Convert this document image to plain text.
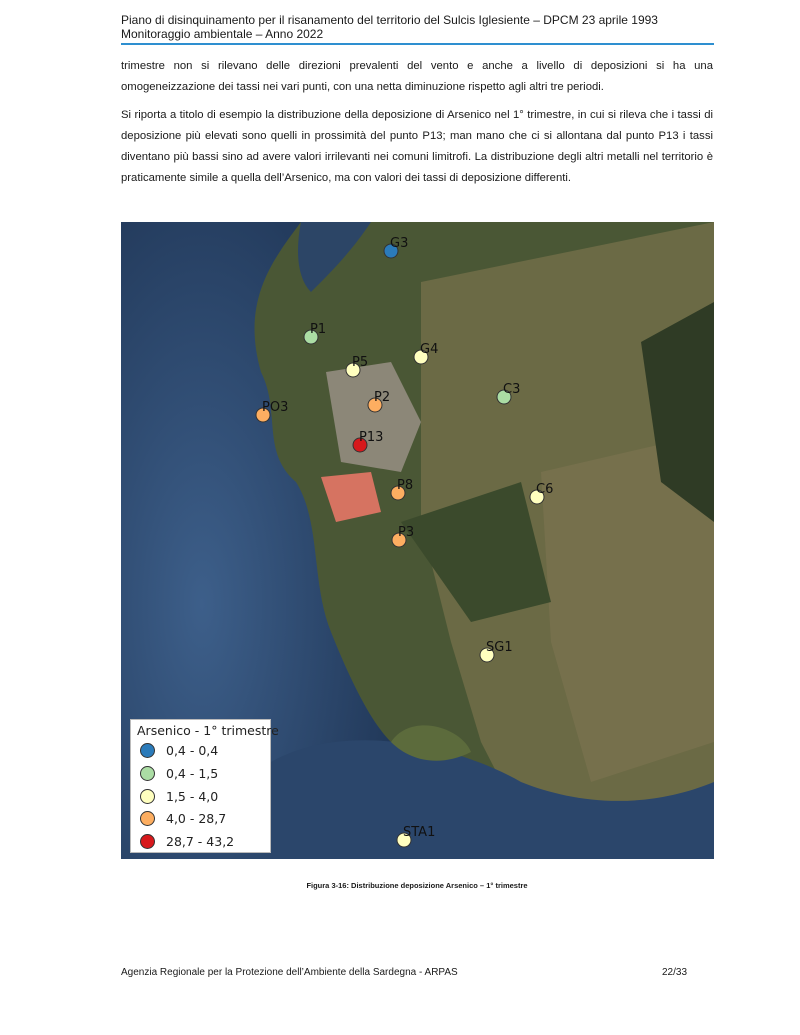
Piano di disinquinamento per il risanamento del territorio del Sulcis Iglesiente – DPCM 23 aprile 1993
Monitoraggio ambientale – Anno 2022

trimestre non si rilevano delle direzioni prevalenti del vento e anche a livello di deposizioni si ha una omogeneizzazione dei tassi nei vari punti, con una netta diminuzione rispetto agli altri tre periodi.

Si riporta a titolo di esempio la distribuzione della deposizione di Arsenico nel 1° trimestre, in cui si rileva che i tassi di deposizione più elevati sono quelli in prossimità del punto P13; man mano che ci si allontana dal punto P13 i tassi diventano più bassi sino ad avere valori irrilevanti nei comuni limitrofi. La distribuzione degli altri metalli nel territorio è praticamente simile a quella dell’Arsenico, ma con valori dei tassi di deposizione differenti.

G3
P1
G4
P5
C3
P2
PO3
P13
P8	C6
P3
SG1
STA1
Arsenico - 1° trimestre
0,4 - 0,4
0,4 - 1,5
1,5 - 4,0
4,0 - 28,7
28,7 - 43,2
Figura 3-16: Distribuzione deposizione Arsenico – 1° trimestre
Agenzia Regionale per la Protezione dell’Ambiente della Sardegna - ARPAS	22/33
